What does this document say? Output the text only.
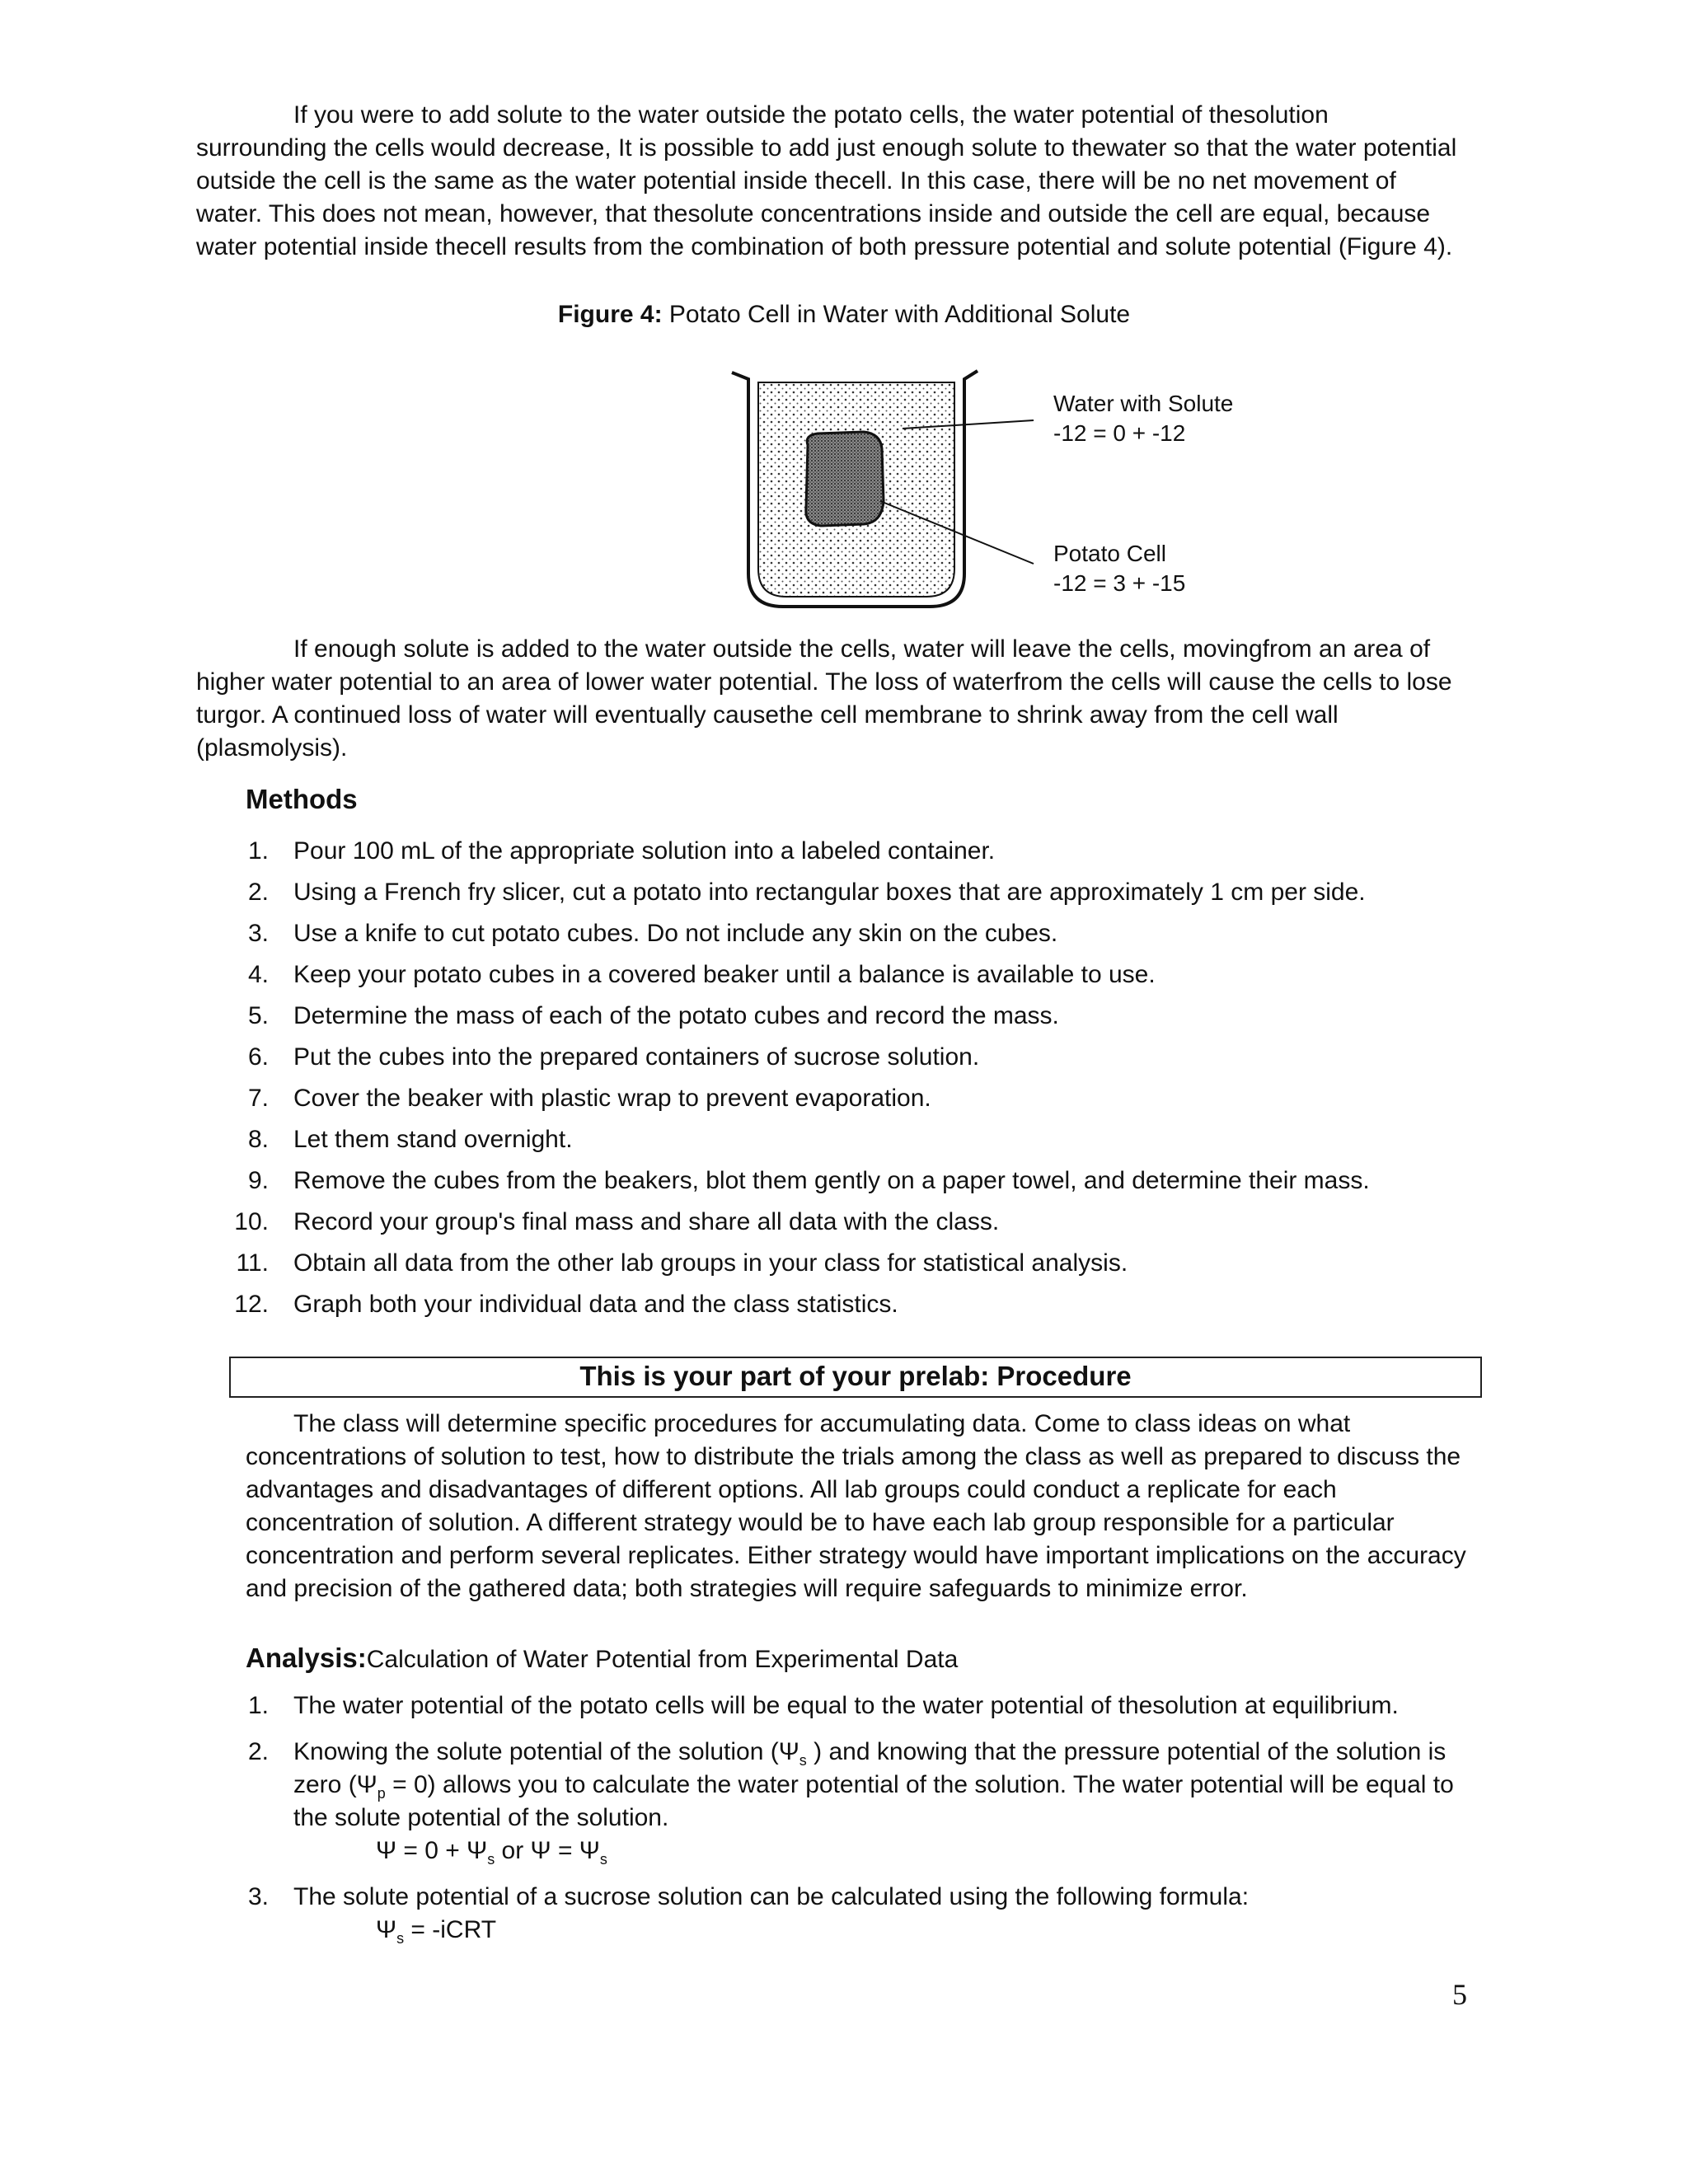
If you were to add solute to the water outside the potato cells, the water potential of thesolution surrounding the cells would decrease, It is possible to add just enough solute to thewater so that the water potential outside the cell is the same as the water potential inside thecell. In this case, there will be no net movement of water. This does not mean, however, that thesolute concentrations inside and outside the cell are equal, because water potential inside thecell results from the combination of both pressure potential and solute potential (Figure 4).

Figure 4: Potato Cell in Water with Additional Solute
Water with Solute
-12 = 0 + -12
Potato Cell
-12 = 3 + -15

If enough solute is added to the water outside the cells, water will leave the cells, movingfrom an area of higher water potential to an area of lower water potential. The loss of waterfrom the cells will cause the cells to lose turgor. A continued loss of water will eventually causethe cell membrane to shrink away from the cell wall (plasmolysis).

Methods
1. Pour 100 mL of the appropriate solution into a labeled container.
2. Using a French fry slicer, cut a potato into rectangular boxes that are approximately 1 cm per side.
3. Use a knife to cut potato cubes. Do not include any skin on the cubes.
4. Keep your potato cubes in a covered beaker until a balance is available to use.
5. Determine the mass of each of the potato cubes and record the mass.
6. Put the cubes into the prepared containers of sucrose solution.
7. Cover the beaker with plastic wrap to prevent evaporation.
8. Let them stand overnight.
9. Remove the cubes from the beakers, blot them gently on a paper towel, and determine their mass.
10. Record your group's final mass and share all data with the class.
11. Obtain all data from the other lab groups in your class for statistical analysis.
12. Graph both your individual data and the class statistics.
This is your part of your prelab: Procedure

The class will determine specific procedures for accumulating data. Come to class ideas on what concentrations of solution to test, how to distribute the trials among the class as well as prepared to discuss the advantages and disadvantages of different options. All lab groups could conduct a replicate for each concentration of solution. A different strategy would be to have each lab group responsible for a particular concentration and perform several replicates. Either strategy would have important implications on the accuracy and precision of the gathered data; both strategies will require safeguards to minimize error.

Analysis:Calculation of Water Potential from Experimental Data
1. The water potential of the potato cells will be equal to the water potential of thesolution at equilibrium.
2. Knowing the solute potential of the solution ($\Psi_s$ ) and knowing that the pressure potential of the solution is zero $(\Psi_p = 0)$ allows you to calculate the water potential of the solution. The water potential will be equal to the solute potential of the solution.
$\Psi = 0 + \Psi_s$ or $\Psi = \Psi_s$
3. The solute potential of a sucrose solution can be calculated using the following formula:
$\Psi_s$ = -iCRT
5
